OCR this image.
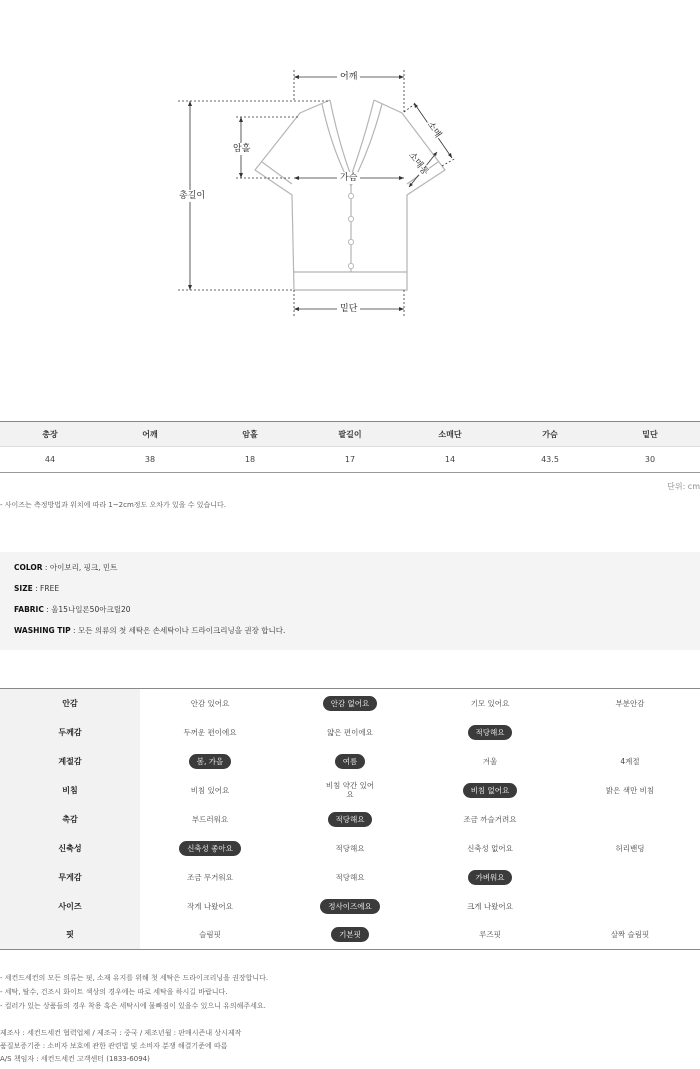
어깨
암홀
총길이
가슴
밑단
소매
소매통
총장	어깨	암홀	팔길이	소매단	가슴	밑단
44	38	18	17	14	43.5	30
단위: cm
- 사이즈는 측정방법과 위치에 따라 1~2cm정도 오차가 있을 수 있습니다.
COLOR : 아이보리, 핑크, 민트
SIZE : FREE
FABRIC : 울15나일론50아크릴20
WASHING TIP : 모든 의류의 첫 세탁은 손세탁이나 드라이크리닝을 권장 합니다.
안감	안감 있어요	안감 없어요	기모 있어요	부분안감
두께감	두꺼운 편이에요	얇은 편이에요	적당해요	
계절감	봄, 가을	여름	겨울	4계절
비침	비침 있어요	비침 약간 있어요	비침 없어요	밝은 색만 비침
촉감	부드러워요	적당해요	조금 까슬거려요	
신축성	신축성 좋아요	적당해요	신축성 없어요	허리밴딩
무게감	조금 무거워요	적당해요	가벼워요	
사이즈	작게 나왔어요	정사이즈에요	크게 나왔어요	
핏	슬림핏	기본핏	루즈핏	살짝 슬림핏
- 세컨드세컨의 모든 의류는 핏, 소재 유지를 위해 첫 세탁은 드라이크리닝을 권장합니다.
- 세탁, 탈수, 건조시 화이트 색상의 경우에는 따로 세탁을 하시길 바랍니다.
- 컬러가 있는 상품들의 경우 착용 혹은 세탁시에 물빠짐이 있을수 있으니 유의해주세요.
제조사 : 세컨드세컨 협력업체 / 제조국 : 중국 / 제조년월 : 판매시즌내 상시제작
품질보증기준 : 소비자 보호에 관한 관련법 및 소비자 분쟁 해결기준에 따름
A/S 책임자 : 세컨드세컨 고객센터 (1833-6094)
